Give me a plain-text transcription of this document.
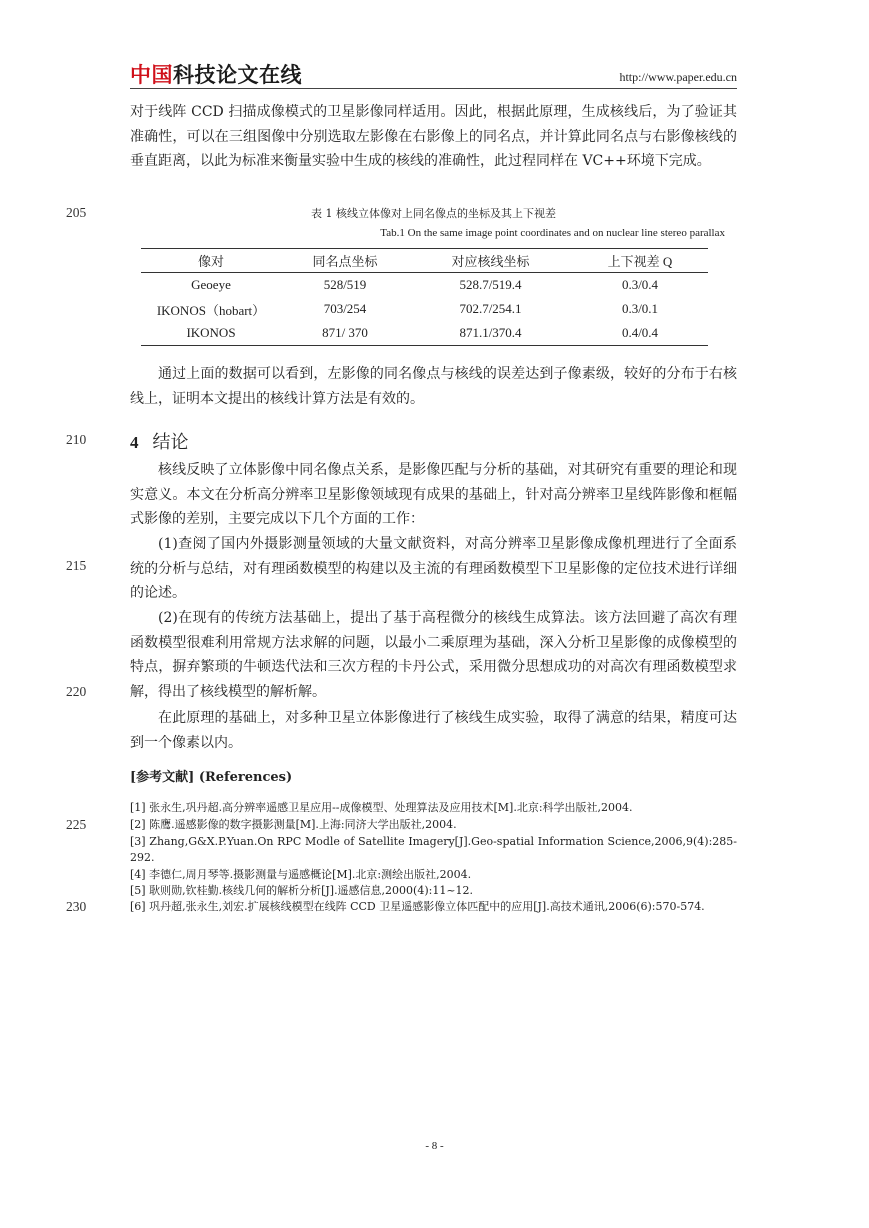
中国科技论文在线	http://www.paper.edu.cn
对于线阵 CCD 扫描成像模式的卫星影像同样适用。因此，根据此原理，生成核线后，为了验证其准确性，可以在三组图像中分别选取左影像在右影像上的同名点，并计算此同名点与右影像核线的垂直距离，以此为标准来衡量实验中生成的核线的准确性，此过程同样在 VC++环境下完成。
205	表 1 核线立体像对上同名像点的坐标及其上下视差
Tab.1 On the same image point coordinates and on nuclear line stereo parallax
像对	同名点坐标	对应核线坐标	上下视差 Q
Geoeye	528/519	528.7/519.4	0.3/0.4
IKONOS（hobart）	703/254	702.7/254.1	0.3/0.1
IKONOS	871/ 370	871.1/370.4	0.4/0.4
通过上面的数据可以看到，左影像的同名像点与核线的误差达到子像素级，较好的分布于右核线上，证明本文提出的核线计算方法是有效的。
210	4 结论
核线反映了立体影像中同名像点关系，是影像匹配与分析的基础，对其研究有重要的理论和现实意义。本文在分析高分辨率卫星影像领域现有成果的基础上，针对高分辨率卫星线阵影像和框幅式影像的差别，主要完成以下几个方面的工作：
215
(1)查阅了国内外摄影测量领域的大量文献资料，对高分辨率卫星影像成像机理进行了全面系统的分析与总结，对有理函数模型的构建以及主流的有理函数模型下卫星影像的定位技术进行详细的论述。
(2)在现有的传统方法基础上，提出了基于高程微分的核线生成算法。该方法回避了高次有理函数模型很难利用常规方法求解的问题，以最小二乘原理为基础，深入分析卫星影像的成像模型的特点，摒弃繁琐的牛顿迭代法和三次方程的卡丹公式，采用微分思想成功的对高次有理函数模型求解，得出了核线模型的解析解。
220
在此原理的基础上，对多种卫星立体影像进行了核线生成实验，取得了满意的结果，精度可达到一个像素以内。
[参考文献] (References)
[1] 张永生,巩丹超.高分辨率遥感卫星应用--成像模型、处理算法及应用技术[M].北京:科学出版社,2004.
225	[2] 陈鹰.遥感影像的数字摄影测量[M].上海:同济大学出版社,2004.
[3] Zhang,G&X.P.Yuan.On RPC Modle of Satellite Imagery[J].Geo-spatial Information Science,2006,9(4):285-292.
[4] 李德仁,周月琴等.摄影测量与遥感概论[M].北京:测绘出版社,2004.
[5] 耿则勋,钦桂勤.核线几何的解析分析[J].遥感信息,2000(4):11~12.
230	[6] 巩丹超,张永生,刘宏.扩展核线模型在线阵 CCD 卫星遥感影像立体匹配中的应用[J].高技术通讯,2006(6):570-574.
- 8 -
